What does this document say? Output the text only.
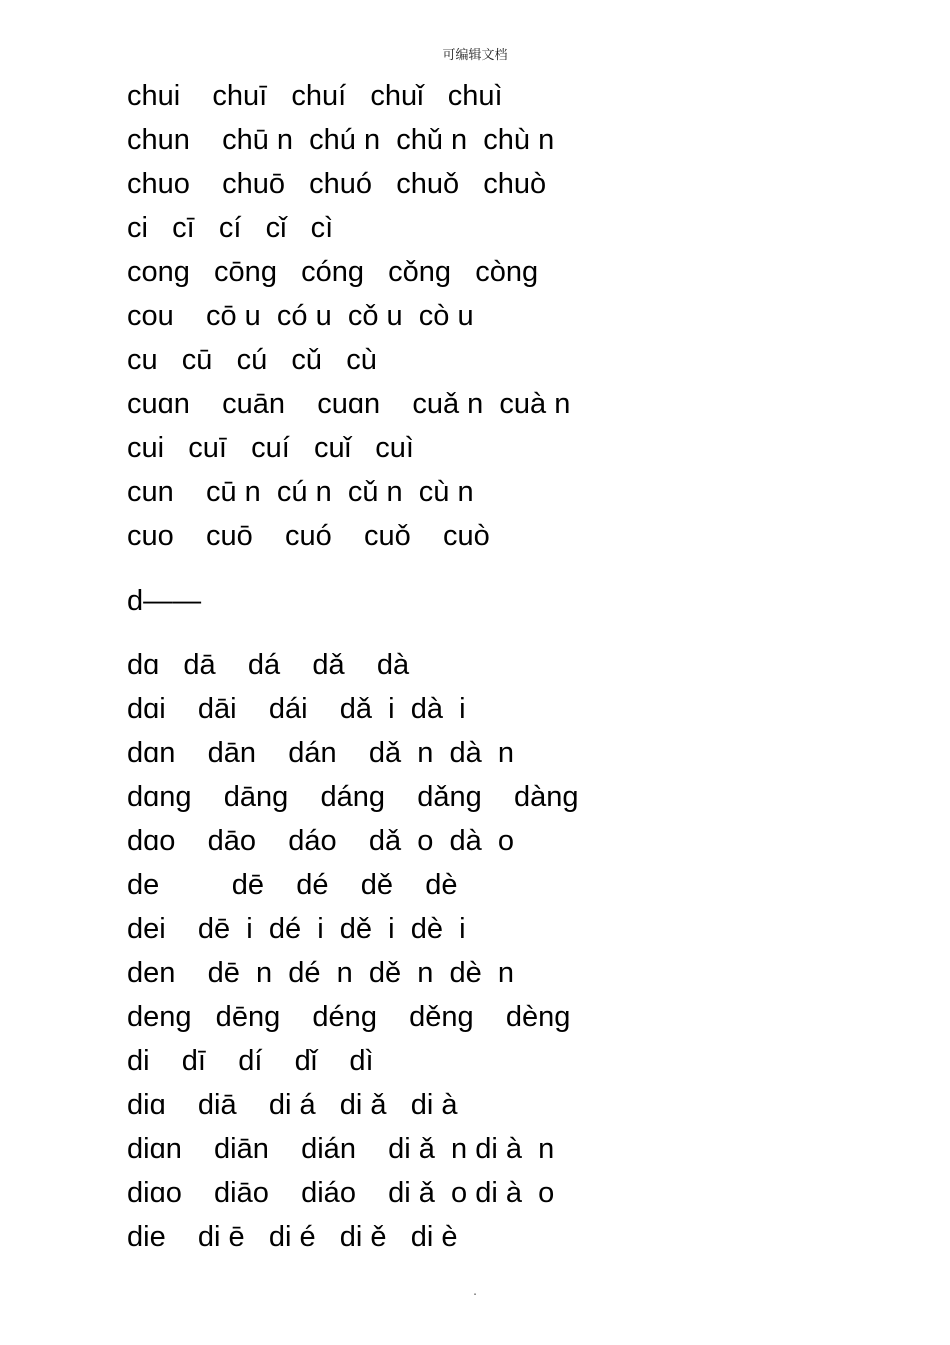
可编辑文档
chui    chuī   chuí   chuǐ   chuì
chun    chū n  chú n  chǔ n  chù n
chuo    chuō   chuó   chuǒ   chuò
ci   cī   cí   cǐ   cì
cong   cōng   cóng   cǒng   còng
cou    cō u  có u  cǒ u  cò u
cu   cū   cú   cǔ   cù
cuɑn    cuān    cuɑn    cuǎ n  cuà n
cui   cuī   cuí   cuǐ   cuì
cun    cū n  cú n  cǔ n  cù n
cuo    cuō    cuó    cuǒ    cuò
d——
dɑ   dā    dá    dǎ    dà
dɑi    dāi    dái    dǎ  i  dà  i
dɑn    dān    dán    dǎ  n  dà  n
dɑng    dāng    dáng    dǎng    dàng
dɑo    dāo    dáo    dǎ  o  dà  o
de         dē    dé    dě    dè
dei    dē  i  dé  i  dě  i  dè  i
den    dē  n  dé  n  dě  n  dè  n
deng   dēng    déng    děng    dèng
di    dī    dí    dǐ    dì
diɑ    diā    di á   di ǎ   di à
diɑn    diān    dián    di ǎ  n di à  n
diɑo    diāo    diáo    di ǎ  o di à  o
die    di ē   di é   di ě   di è
.
